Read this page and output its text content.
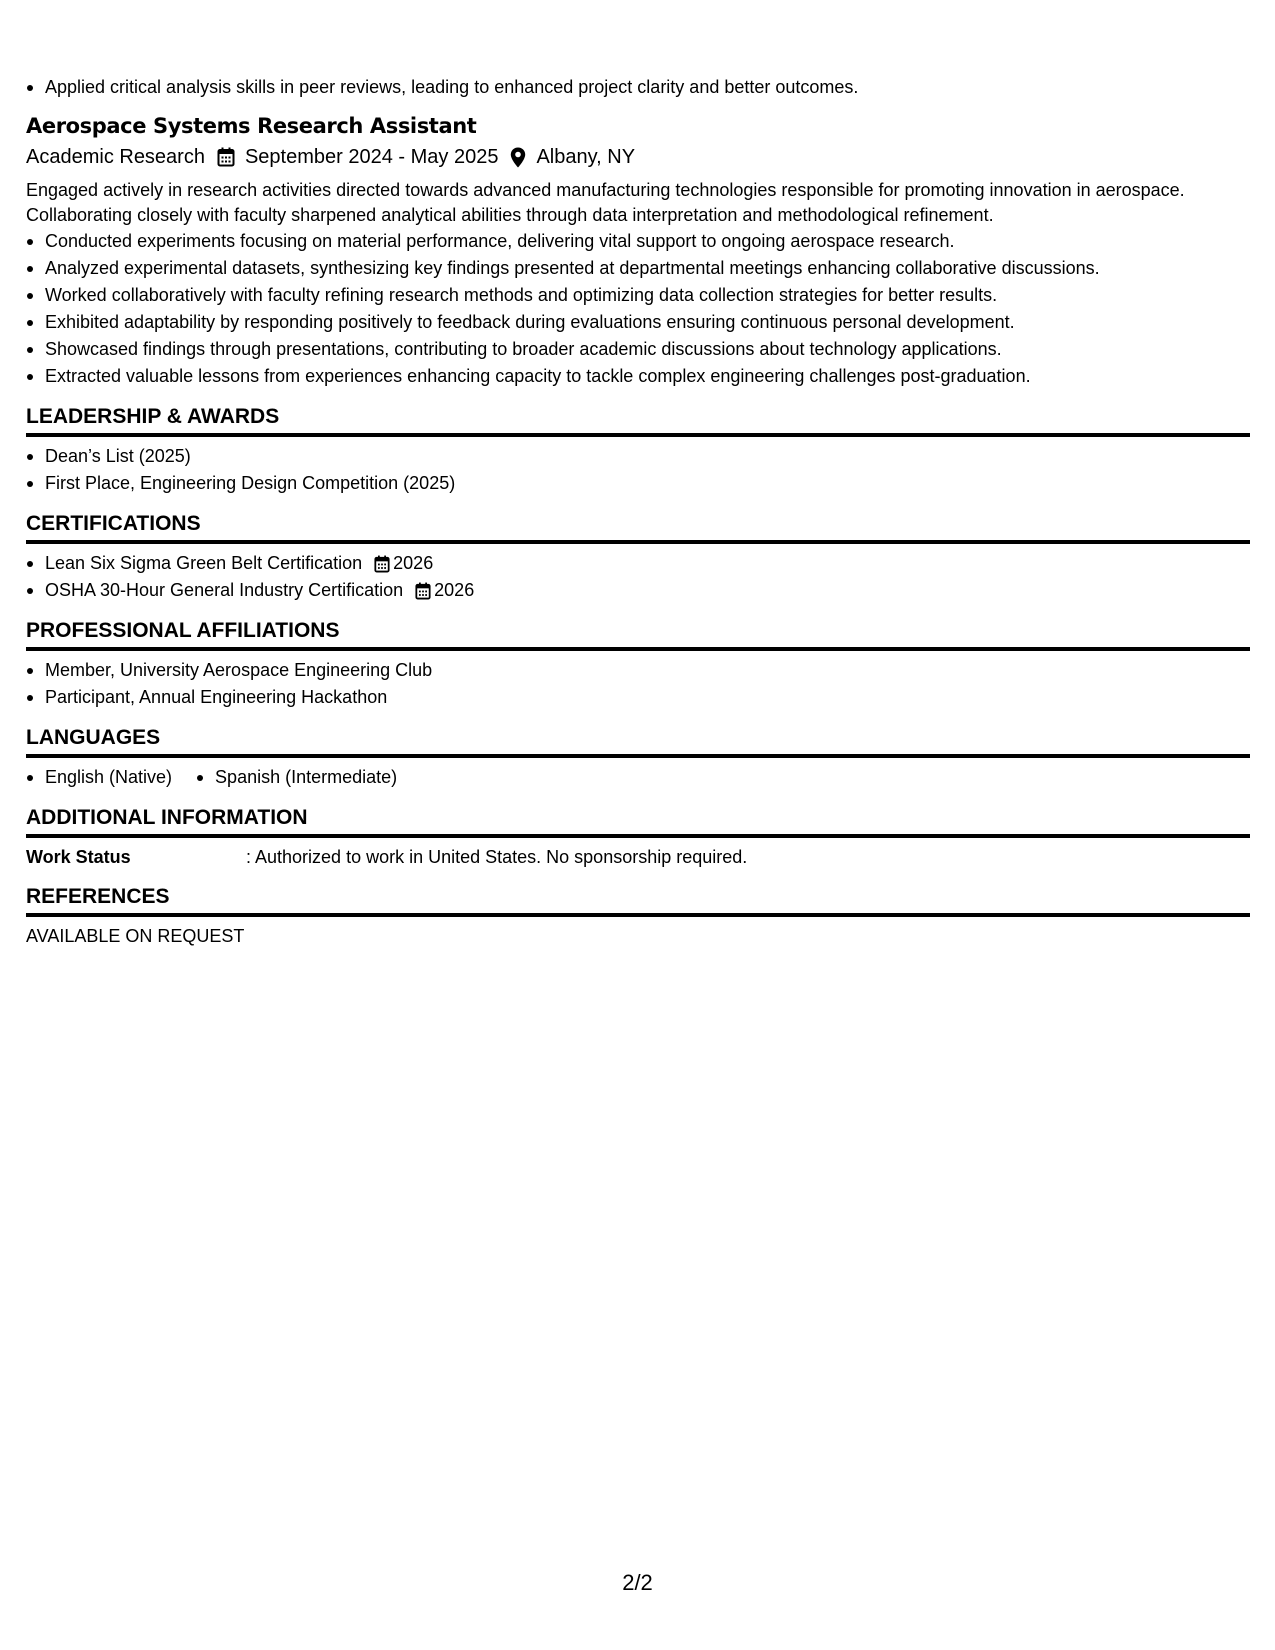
Applied critical analysis skills in peer reviews, leading to enhanced project clarity and better outcomes.
Aerospace Systems Research Assistant
Academic Research September 2024 - May 2025 Albany, NY
Engaged actively in research activities directed towards advanced manufacturing technologies responsible for promoting innovation in aerospace. Collaborating closely with faculty sharpened analytical abilities through data interpretation and methodological refinement.
Conducted experiments focusing on material performance, delivering vital support to ongoing aerospace research.
Analyzed experimental datasets, synthesizing key findings presented at departmental meetings enhancing collaborative discussions.
Worked collaboratively with faculty refining research methods and optimizing data collection strategies for better results.
Exhibited adaptability by responding positively to feedback during evaluations ensuring continuous personal development.
Showcased findings through presentations, contributing to broader academic discussions about technology applications.
Extracted valuable lessons from experiences enhancing capacity to tackle complex engineering challenges post-graduation.
LEADERSHIP & AWARDS
Dean’s List (2025)
First Place, Engineering Design Competition (2025)
CERTIFICATIONS
Lean Six Sigma Green Belt Certification 2026
OSHA 30-Hour General Industry Certification 2026
PROFESSIONAL AFFILIATIONS
Member, University Aerospace Engineering Club
Participant, Annual Engineering Hackathon
LANGUAGES
English (Native)	Spanish (Intermediate)
ADDITIONAL INFORMATION
Work Status	: Authorized to work in United States. No sponsorship required.
REFERENCES
AVAILABLE ON REQUEST
2/2
